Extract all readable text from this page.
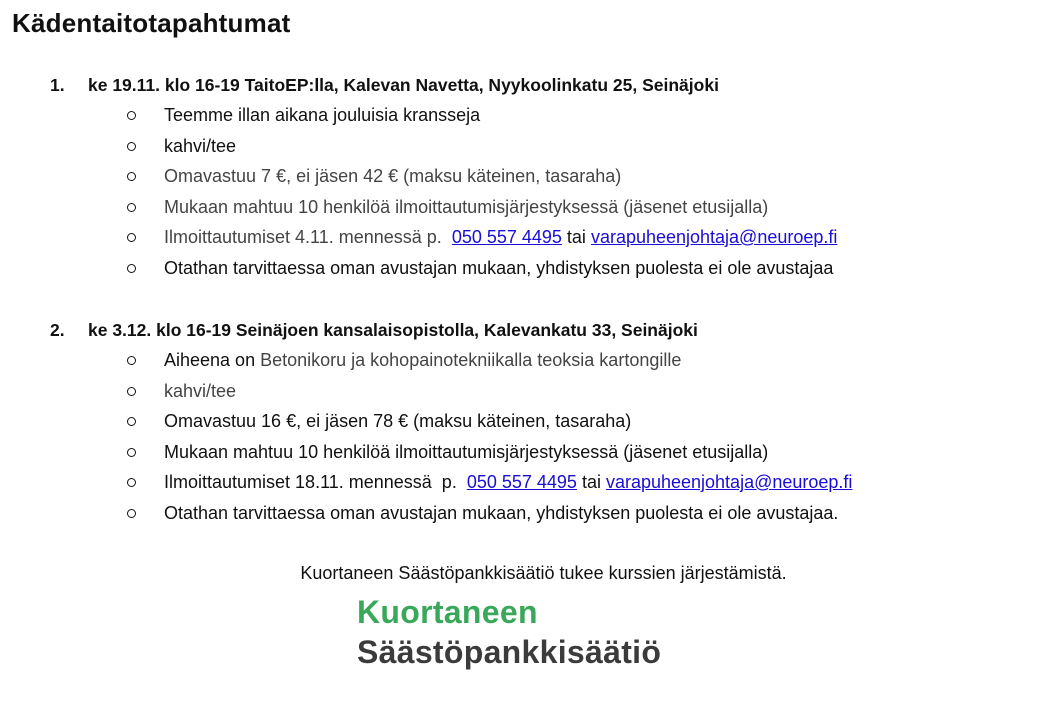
Kädentaitotapahtumat
1. ke 19.11. klo 16-19 TaitoEP:lla, Kalevan Navetta, Nyykoolinkatu 25, Seinäjoki
Teemme illan aikana jouluisia kransseja
kahvi/tee
Omavastuu 7 €, ei jäsen 42 € (maksu käteinen, tasaraha)
Mukaan mahtuu 10 henkilöä ilmoittautumisjärjestyksessä (jäsenet etusijalla)
Ilmoittautumiset 4.11. mennessä p.  050 557 4495 tai varapuheenjohtaja@neuroep.fi
Otathan tarvittaessa oman avustajan mukaan, yhdistyksen puolesta ei ole avustajaa
2. ke 3.12. klo 16-19 Seinäjoen kansalaisopistolla, Kalevankatu 33, Seinäjoki
Aiheena on Betonikoru ja kohopainotekniikalla teoksia kartongille
kahvi/tee
Omavastuu 16 €, ei jäsen 78 € (maksu käteinen, tasaraha)
Mukaan mahtuu 10 henkilöä ilmoittautumisjärjestyksessä (jäsenet etusijalla)
Ilmoittautumiset 18.11. mennessä  p.  050 557 4495 tai varapuheenjohtaja@neuroep.fi
Otathan tarvittaessa oman avustajan mukaan, yhdistyksen puolesta ei ole avustajaa.
Kuortaneen Säästöpankkisäätiö tukee kurssien järjestämistä.
Kuortaneen
Säästöpankkisäätiö
